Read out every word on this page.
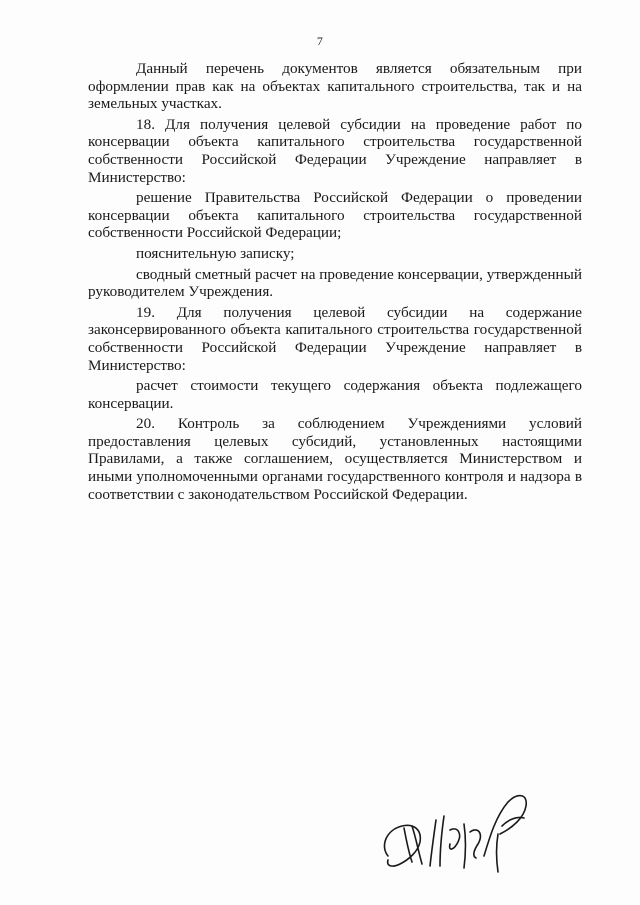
7

Данный перечень документов является обязательным при оформлении прав как на объектах капитального строительства, так и на земельных участках.

18. Для получения целевой субсидии на проведение работ по консервации объекта капитального строительства государственной собственности Российской Федерации Учреждение направляет в Министерство:

решение Правительства Российской Федерации о проведении консервации объекта капитального строительства государственной собственности Российской Федерации;

пояснительную записку;

сводный сметный расчет на проведение консервации, утвержденный руководителем Учреждения.

19. Для получения целевой субсидии на содержание законсервированного объекта капитального строительства государственной собственности Российской Федерации Учреждение направляет в Министерство:

расчет стоимости текущего содержания объекта подлежащего консервации.

20. Контроль за соблюдением Учреждениями условий предоставления целевых субсидий, установленных настоящими Правилами, а также соглашением, осуществляется Министерством и иными уполномоченными органами государственного контроля и надзора в соответствии с законодательством Российской Федерации.
